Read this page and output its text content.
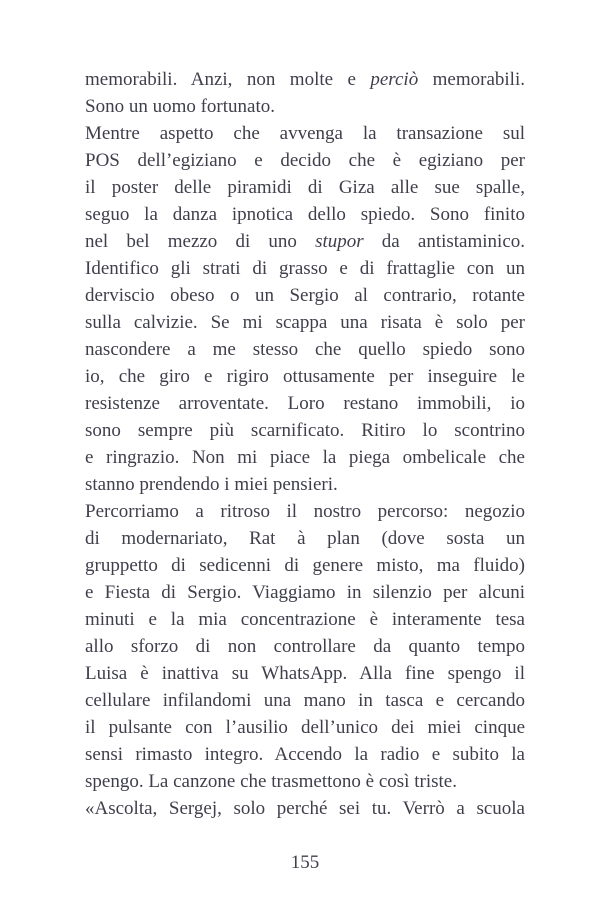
memorabili. Anzi, non molte e perciò memorabili.
Sono un uomo fortunato.

Mentre aspetto che avvenga la transazione sul
POS dell’egiziano e decido che è egiziano per
il poster delle piramidi di Giza alle sue spalle,
seguo la danza ipnotica dello spiedo. Sono finito
nel bel mezzo di uno stupor da antistaminico.
Identifico gli strati di grasso e di frattaglie con un
derviscio obeso o un Sergio al contrario, rotante
sulla calvizie. Se mi scappa una risata è solo per
nascondere a me stesso che quello spiedo sono
io, che giro e rigiro ottusamente per inseguire le
resistenze arroventate. Loro restano immobili, io
sono sempre più scarnificato. Ritiro lo scontrino
e ringrazio. Non mi piace la piega ombelicale che
stanno prendendo i miei pensieri.

Percorriamo a ritroso il nostro percorso: negozio
di modernariato, Rat à plan (dove sosta un
gruppetto di sedicenni di genere misto, ma fluido)
e Fiesta di Sergio. Viaggiamo in silenzio per alcuni
minuti e la mia concentrazione è interamente tesa
allo sforzo di non controllare da quanto tempo
Luisa è inattiva su WhatsApp. Alla fine spengo il
cellulare infilandomi una mano in tasca e cercando
il pulsante con l’ausilio dell’unico dei miei cinque
sensi rimasto integro. Accendo la radio e subito la
spengo. La canzone che trasmettono è così triste.

«Ascolta, Sergej, solo perché sei tu. Verrò a scuola

155
